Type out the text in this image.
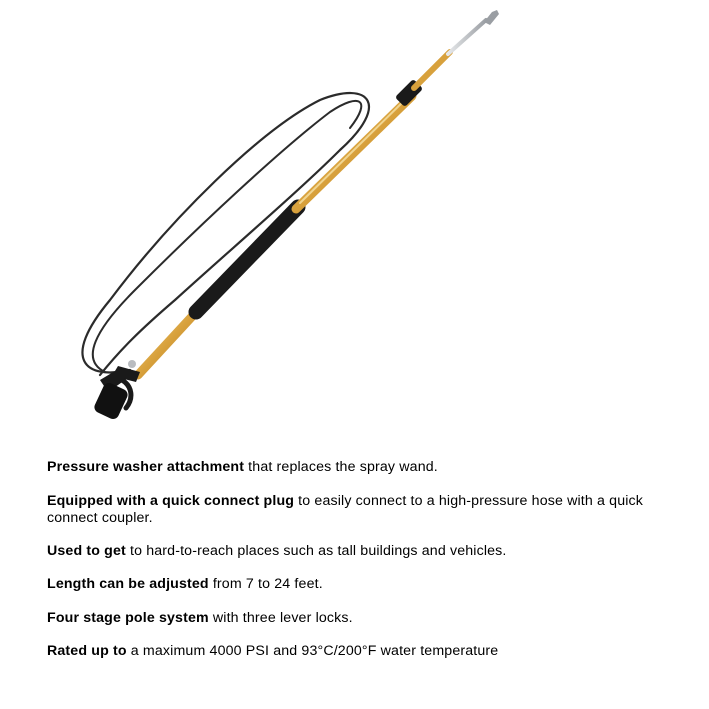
Pressure washer attachment that replaces the spray wand.
Equipped with a quick connect plug to easily connect to a high-pressure hose with a quick connect coupler.
Used to get to hard-to-reach places such as tall buildings and vehicles.
Length can be adjusted from 7 to 24 feet.
Four stage pole system with three lever locks.
Rated up to a maximum 4000 PSI and 93°C/200°F water temperature
